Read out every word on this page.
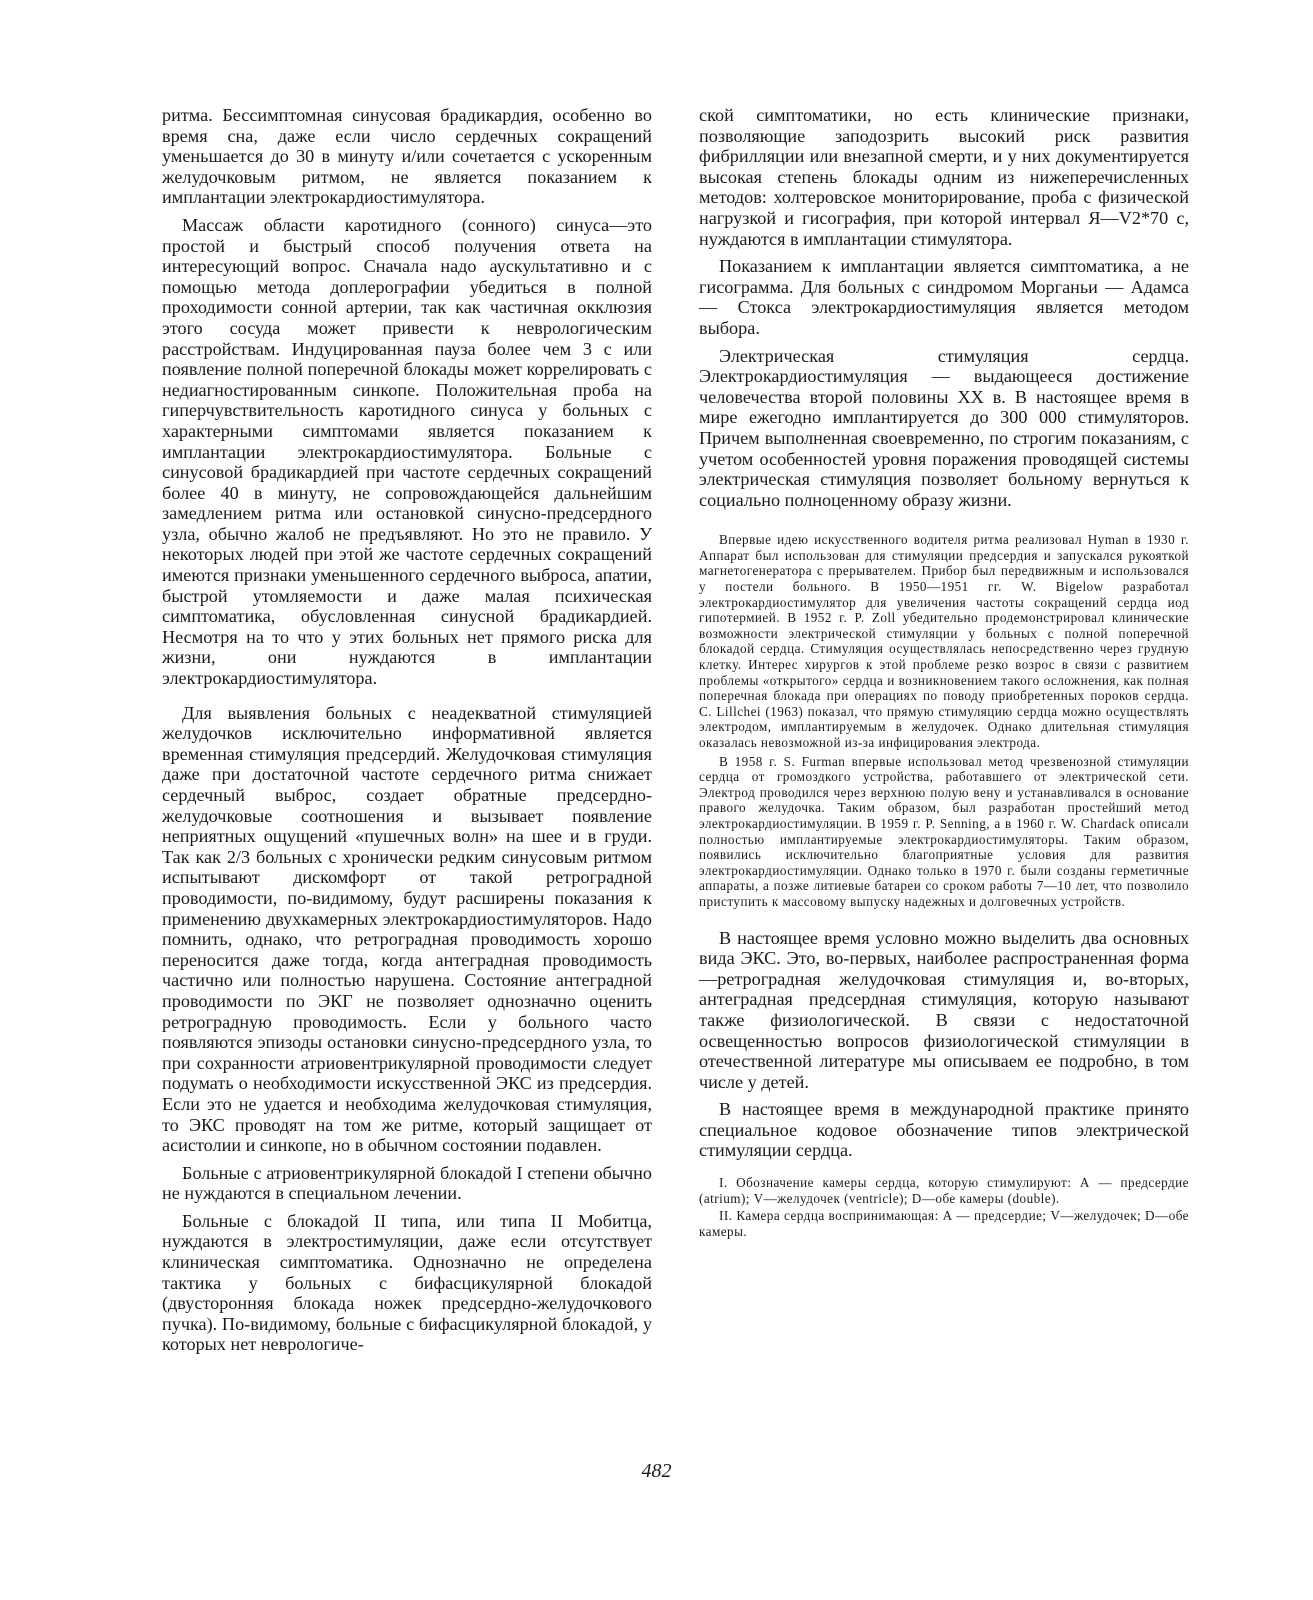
ритма. Бессимптомная синусовая брадикардия, особенно во время сна, даже если число сердечных сокращений уменьшается до 30 в минуту и/или сочетается с ускоренным желудочковым ритмом, не является показанием к имплантации электрокардиостимулятора.

Массаж области каротидного (сонного) синуса—это простой и быстрый способ получения ответа на интересующий вопрос. Сначала надо аускультативно и с помощью метода доплерографии убедиться в полной проходимости сонной артерии, так как частичная окклюзия этого сосуда может привести к неврологическим расстройствам. Индуцированная пауза более чем 3 с или появление полной поперечной блокады может коррелировать с недиагностированным синкопе. Положительная проба на гиперчувствительность каротидного синуса у больных с характерными симптомами является показанием к имплантации электрокардиостимулятора. Больные с синусовой брадикардией при частоте сердечных сокращений более 40 в минуту, не сопровождающейся дальнейшим замедлением ритма или остановкой синусно-предсердного узла, обычно жалоб не предъявляют. Но это не правило. У некоторых людей при этой же частоте сердечных сокращений имеются признаки уменьшенного сердечного выброса, апатии, быстрой утомляемости и даже малая психическая симптоматика, обусловленная синусной брадикардией. Несмотря на то что у этих больных нет прямого риска для жизни, они нуждаются в имплантации электрокардиостимулятора.

Для выявления больных с неадекватной стимуляцией желудочков исключительно информативной является временная стимуляция предсердий. Желудочковая стимуляция даже при достаточной частоте сердечного ритма снижает сердечный выброс, создает обратные предсердно-желудочковые соотношения и вызывает появление неприятных ощущений «пушечных волн» на шее и в груди. Так как 2/3 больных с хронически редким синусовым ритмом испытывают дискомфорт от такой ретроградной проводимости, по-видимому, будут расширены показания к применению двухкамерных электрокардиостимуляторов. Надо помнить, однако, что ретроградная проводимость хорошо переносится даже тогда, когда антеградная проводимость частично или полностью нарушена. Состояние антеградной проводимости по ЭКГ не позволяет однозначно оценить ретроградную проводимость. Если у больного часто появляются эпизоды остановки синусно-предсердного узла, то при сохранности атриовентрикулярной проводимости следует подумать о необходимости искусственной ЭКС из предсердия. Если это не удается и необходима желудочковая стимуляция, то ЭКС проводят на том же ритме, который защищает от асистолии и синкопе, но в обычном состоянии подавлен.

Больные с атриовентрикулярной блокадой I степени обычно не нуждаются в специальном лечении.

Больные с блокадой II типа, или типа II Мобитца, нуждаются в электростимуляции, даже если отсутствует клиническая симптоматика. Однозначно не определена тактика у больных с бифасцикулярной блокадой (двусторонняя блокада ножек предсердно-желудочкового пучка). По-видимому, больные с бифасцикулярной блокадой, у которых нет неврологиче-

ской симптоматики, но есть клинические признаки, позволяющие заподозрить высокий риск развития фибрилляции или внезапной смерти, и у них документируется высокая степень блокады одним из нижеперечисленных методов: холтеровское мониторирование, проба с физической нагрузкой и гисография, при которой интервал Я—V2*70 с, нуждаются в имплантации стимулятора.

Показанием к имплантации является симптоматика, а не гисограмма. Для больных с синдромом Морганьи — Адамса — Стокса электрокардиостимуляция является методом выбора.

Электрическая стимуляция сердца. Электрокардиостимуляция — выдающееся достижение человечества второй половины XX в. В настоящее время в мире ежегодно имплантируется до 300 000 стимуляторов. Причем выполненная своевременно, по строгим показаниям, с учетом особенностей уровня поражения проводящей системы электрическая стимуляция позволяет больному вернуться к социально полноценному образу жизни.

Впервые идею искусственного водителя ритма реализовал Hyman в 1930 г. Аппарат был использован для стимуляции предсердия и запускался рукояткой магнетогенератора с прерывателем. Прибор был передвижным и использовался у постели больного. В 1950—1951 гг. W. Bigelow разработал электрокардиостимулятор для увеличения частоты сокращений сердца иод гипотермией. В 1952 г. P. Zoll убедительно продемонстрировал клинические возможности электрической стимуляции у больных с полной поперечной блокадой сердца. Стимуляция осуществлялась непосредственно через грудную клетку. Интерес хирургов к этой проблеме резко возрос в связи с развитием проблемы «открытого» сердца и возникновением такого осложнения, как полная поперечная блокада при операциях по поводу приобретенных пороков сердца. C. Lillchei (1963) показал, что прямую стимуляцию сердца можно осуществлять электродом, имплантируемым в желудочек. Однако длительная стимуляция оказалась невозможной из-за инфицирования электрода.

В 1958 г. S. Furman впервые использовал метод чрезвенозной стимуляции сердца от громоздкого устройства, работавшего от электрической сети. Электрод проводился через верхнюю полую вену и устанавливался в основание правого желудочка. Таким образом, был разработан простейший метод электрокардиостимуляции. В 1959 г. P. Senning, а в 1960 г. W. Chardack описали полностью имплантируемые электрокардиостимуляторы. Таким образом, появились исключительно благоприятные условия для развития электрокардиостимуляции. Однако только в 1970 г. были созданы герметичные аппараты, а позже литиевые батареи со сроком работы 7—10 лет, что позволило приступить к массовому выпуску надежных и долговечных устройств.

В настоящее время условно можно выделить два основных вида ЭКС. Это, во-первых, наиболее распространенная форма—ретроградная желудочковая стимуляция и, во-вторых, антеградная предсердная стимуляция, которую называют также физиологической. В связи с недостаточной освещенностью вопросов физиологической стимуляции в отечественной литературе мы описываем ее подробно, в том числе у детей.

В настоящее время в международной практике принято специальное кодовое обозначение типов электрической стимуляции сердца.

I. Обозначение камеры сердца, которую стимулируют: А — предсердие (atrium); V—желудочек (ventricle); D—обе камеры (double).

II. Камера сердца воспринимающая: А — предсердие; V—желудочек; D—обе камеры.

482
